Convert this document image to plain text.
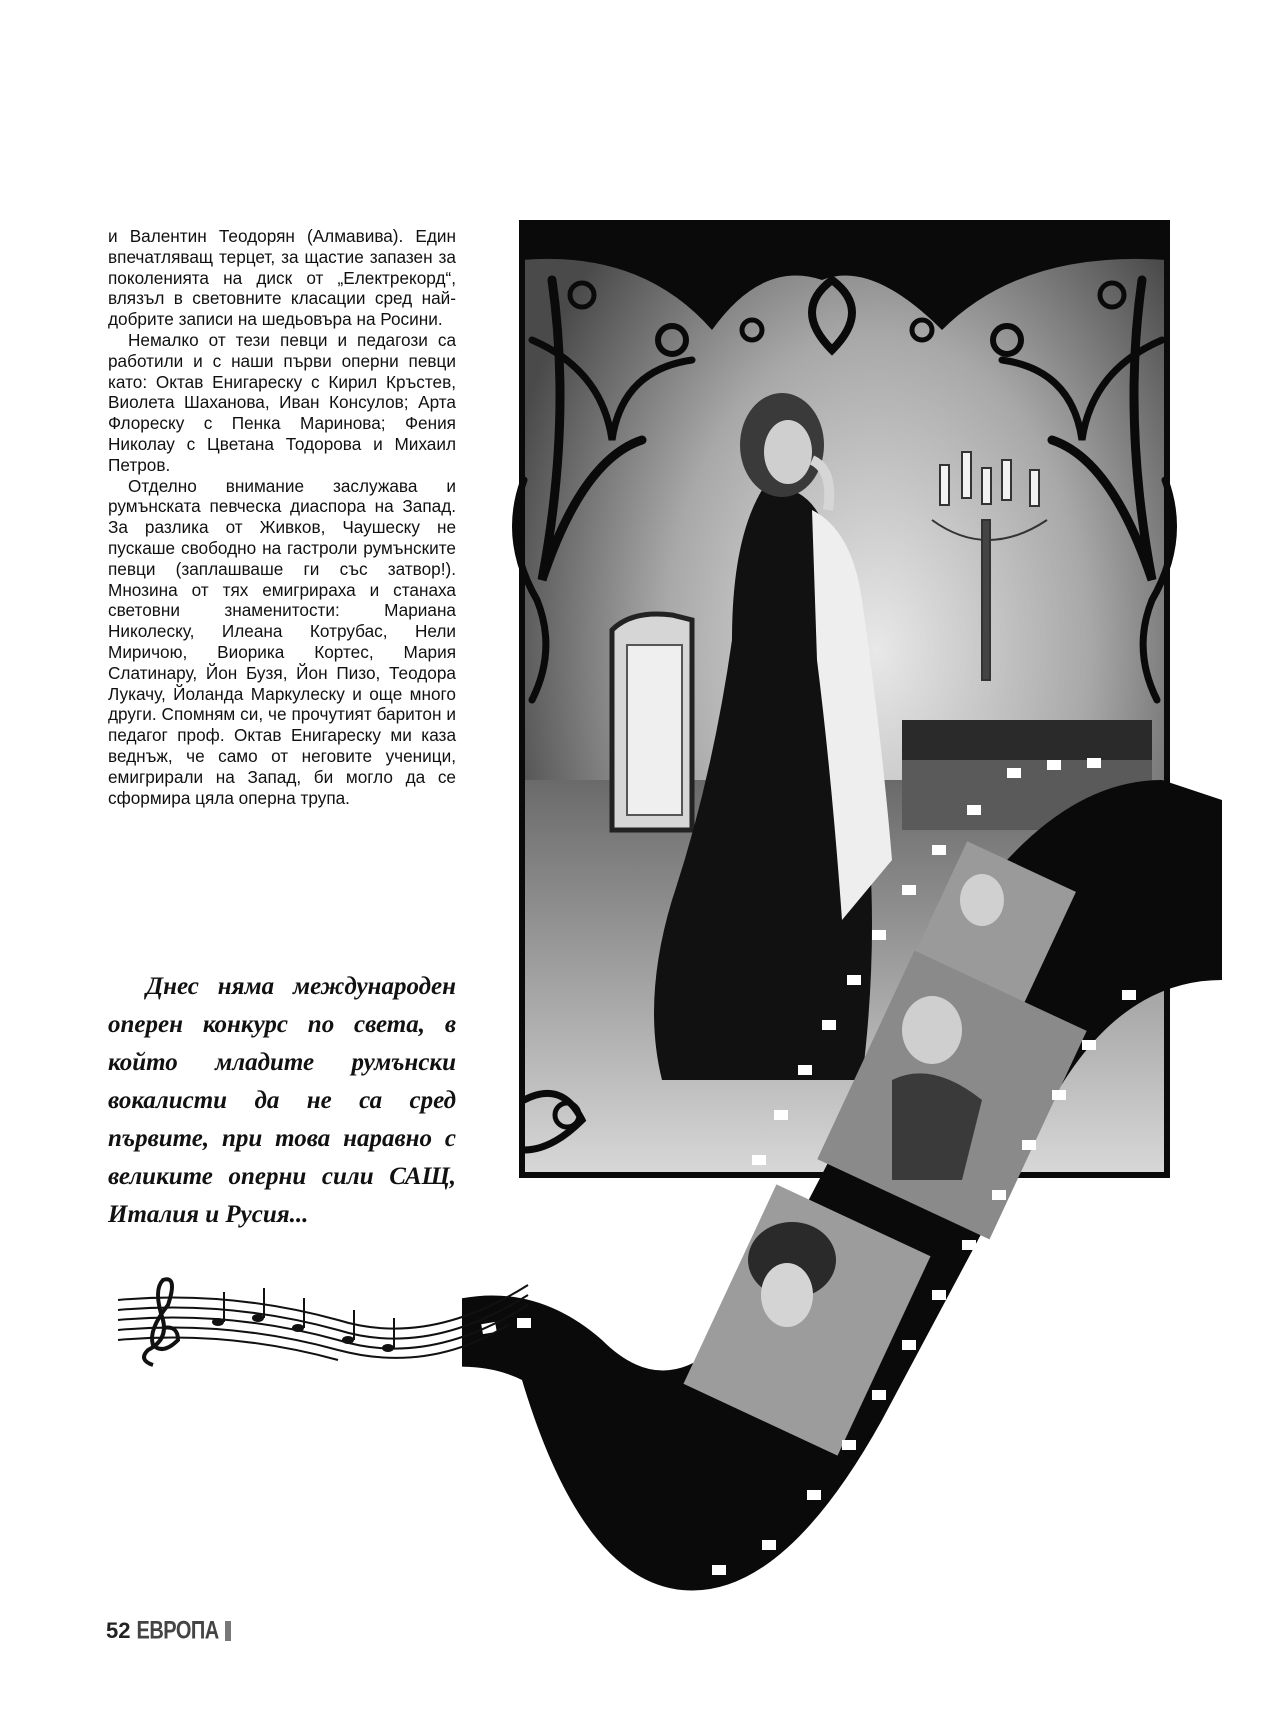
и Валентин Теодорян (Алмавива). Един впечатляващ терцет, за щастие запазен за поколенията на диск от „Електрекорд“, влязъл в световните класации сред най-добрите записи на шедьовъра на Росини.

Немалко от тези певци и педагози са работили и с наши първи оперни певци като: Октав Енигареску с Кирил Кръстев, Виолета Шаханова, Иван Консулов; Арта Флореску с Пенка Маринова; Фения Николау с Цветана Тодорова и Михаил Петров.

Отделно внимание заслужава и румънската певческа диаспора на Запад. За разлика от Живков, Чаушеску не пускаше свободно на гастроли румънските певци (заплашваше ги със затвор!). Мнозина от тях емигрираха и станаха световни знаменитости: Мариана Николеску, Илеана Котрубас, Нели Миричою, Виорика Кортес, Мария Слатинару, Йон Бузя, Йон Пизо, Теодора Лукачу, Йоланда Маркулеску и още много други. Спомням си, че прочутият баритон и педагог проф. Октав Енигареску ми каза веднъж, че само от неговите ученици, емигрирали на Запад, би могло да се сформира цяла оперна трупа.

Днес няма международен оперен конкурс по света, в който младите румънски вокалисти да не са сред първите, при това наравно с великите оперни сили САЩ, Италия и Русия...
52 ЕВРОПА
